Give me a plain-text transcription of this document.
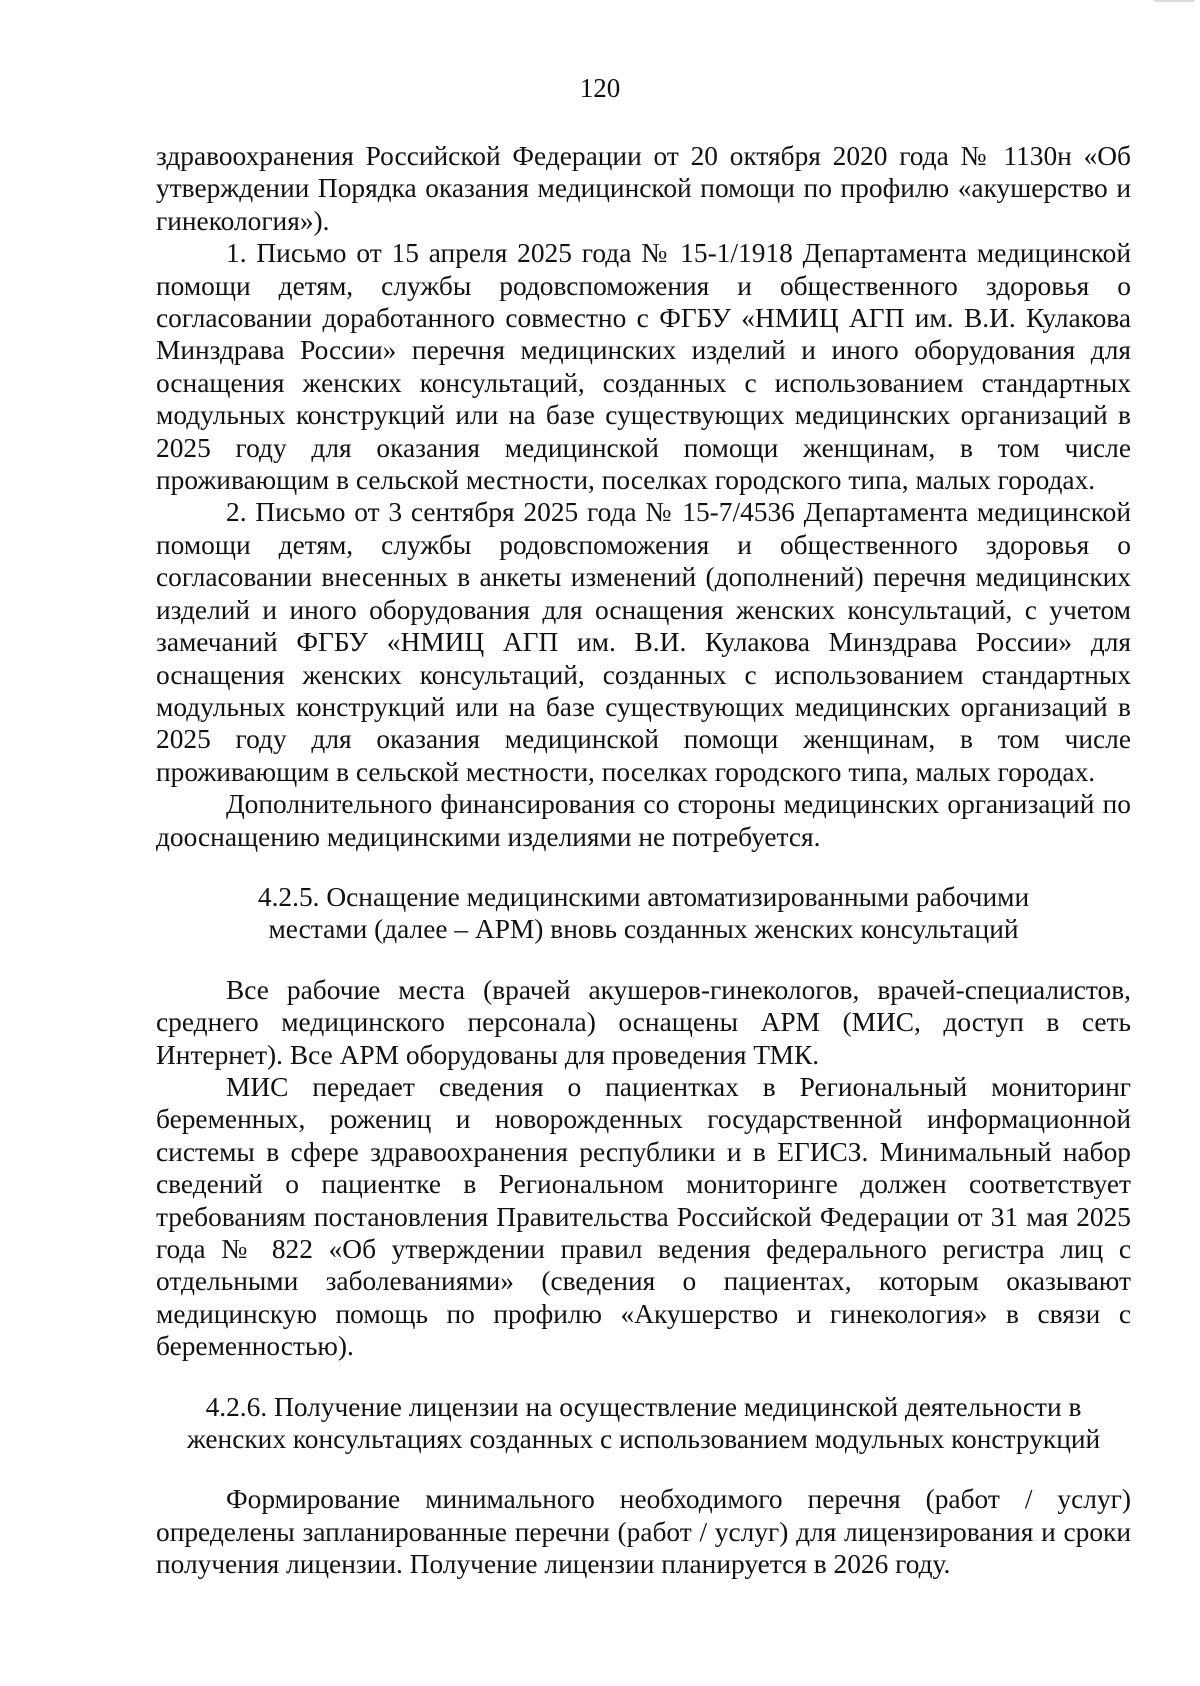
120

здравоохранения Российской Федерации от 20 октября 2020 года № 1130н «Об утверждении Порядка оказания медицинской помощи по профилю «акушерство и гинекология»).

1. Письмо от 15 апреля 2025 года № 15-1/1918 Департамента медицинской помощи детям, службы родовспоможения и общественного здоровья о согласовании доработанного совместно с ФГБУ «НМИЦ АГП им. В.И. Кулакова Минздрава России» перечня медицинских изделий и иного оборудования для оснащения женских консультаций, созданных с использованием стандартных модульных конструкций или на базе существующих медицинских организаций в 2025 году для оказания медицинской помощи женщинам, в том числе проживающим в сельской местности, поселках городского типа, малых городах.

2. Письмо от 3 сентября 2025 года № 15-7/4536 Департамента медицинской помощи детям, службы родовспоможения и общественного здоровья о согласовании внесенных в анкеты изменений (дополнений) перечня медицинских изделий и иного оборудования для оснащения женских консультаций, с учетом замечаний ФГБУ «НМИЦ АГП им. В.И. Кулакова Минздрава России» для оснащения женских консультаций, созданных с использованием стандартных модульных конструкций или на базе существующих медицинских организаций в 2025 году для оказания медицинской помощи женщинам, в том числе проживающим в сельской местности, поселках городского типа, малых городах.

Дополнительного финансирования со стороны медицинских организаций по дооснащению медицинскими изделиями не потребуется.

4.2.5. Оснащение медицинскими автоматизированными рабочими местами (далее – АРМ) вновь созданных женских консультаций

Все рабочие места (врачей акушеров-гинекологов, врачей-специалистов, среднего медицинского персонала) оснащены АРМ (МИС, доступ в сеть Интернет). Все АРМ оборудованы для проведения ТМК.

МИС передает сведения о пациентках в Региональный мониторинг беременных, рожениц и новорожденных государственной информационной системы в сфере здравоохранения республики и в ЕГИСЗ. Минимальный набор сведений о пациентке в Региональном мониторинге должен соответствует требованиям постановления Правительства Российской Федерации от 31 мая 2025 года № 822 «Об утверждении правил ведения федерального регистра лиц с отдельными заболеваниями» (сведения о пациентах, которым оказывают медицинскую помощь по профилю «Акушерство и гинекология» в связи с беременностью).

4.2.6. Получение лицензии на осуществление медицинской деятельности в женских консультациях созданных с использованием модульных конструкций

Формирование минимального необходимого перечня (работ / услуг) определены запланированные перечни (работ / услуг) для лицензирования и сроки получения лицензии. Получение лицензии планируется в 2026 году.
